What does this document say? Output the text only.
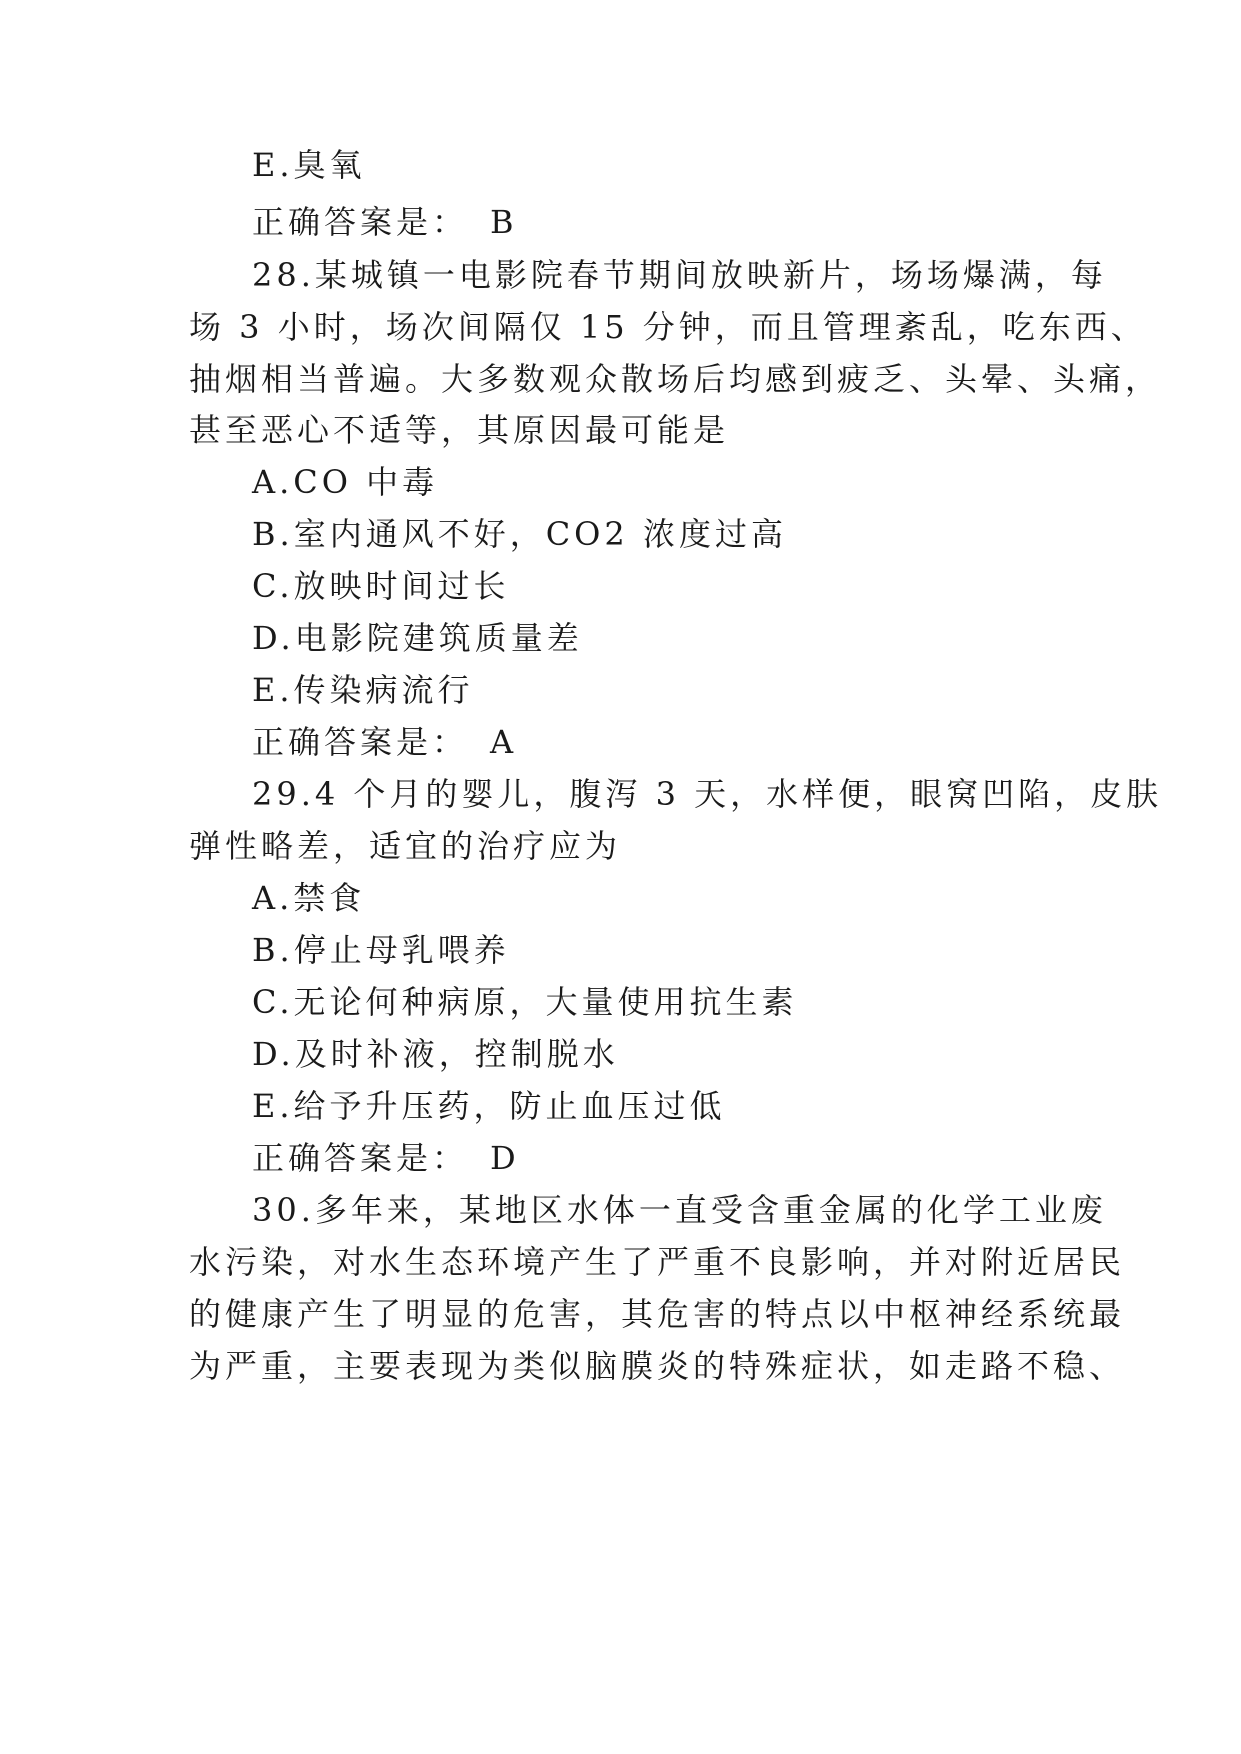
E.臭氧
正确答案是： B
28.某城镇一电影院春节期间放映新片，场场爆满，每
场 3 小时，场次间隔仅 15 分钟，而且管理紊乱，吃东西、
抽烟相当普遍。大多数观众散场后均感到疲乏、头晕、头痛，
甚至恶心不适等，其原因最可能是
A.CO 中毒
B.室内通风不好，CO2 浓度过高
C.放映时间过长
D.电影院建筑质量差
E.传染病流行
正确答案是： A
29.4 个月的婴儿，腹泻 3 天，水样便，眼窝凹陷，皮肤
弹性略差，适宜的治疗应为
A.禁食
B.停止母乳喂养
C.无论何种病原，大量使用抗生素
D.及时补液，控制脱水
E.给予升压药，防止血压过低
正确答案是： D
30.多年来，某地区水体一直受含重金属的化学工业废
水污染，对水生态环境产生了严重不良影响，并对附近居民
的健康产生了明显的危害，其危害的特点以中枢神经系统最
为严重，主要表现为类似脑膜炎的特殊症状，如走路不稳、
